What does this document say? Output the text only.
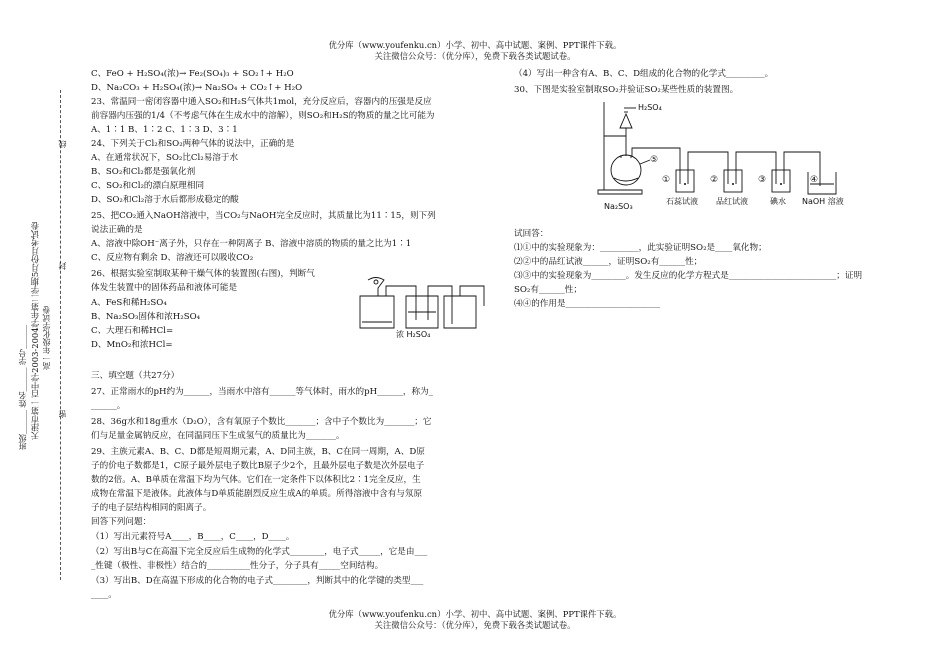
优分库（www.youfenku.cn）小学、初中、高中试题、案例、PPT课件下载。
关注微信公众号：（优分库），免费下载各类试题试卷。
优分库（www.youfenku.cn）小学、初中、高中试题、案例、PPT课件下载。
关注微信公众号：（优分库），免费下载各类试题试卷。
天津市第一百中学2003-2004学年第二学期5月份月考试卷 高一年级化学试卷
班级______ 姓名______ 学号______
线
封
密
C、FeO + H₂SO₄(浓)→ Fe₂(SO₄)₃ + SO₂↑+ H₂O
D、Na₂CO₃ + H₂SO₄(浓)→ Na₂SO₄ + CO₂↑+ H₂O
23、常温同一密闭容器中通入SO₂和H₂S气体共1mol，充分反应后，容器内的压强是反应
前容器内压强的1/4（不考虑气体在生成水中的溶解），则SO₂和H₂S的物质的量之比可能为
A、1∶1 B、1∶2 C、1∶3 D、3∶1
24、下列关于Cl₂和SO₂两种气体的说法中，正确的是
A、在通常状况下，SO₂比Cl₂易溶于水
B、SO₂和Cl₂都是强氧化剂
C、SO₂和Cl₂的漂白原理相同
D、SO₂和Cl₂溶于水后都形成稳定的酸
25、把CO₂通入NaOH溶液中，当CO₂与NaOH完全反应时，其质量比为11∶15，则下列
说法正确的是
A、溶液中除OH⁻离子外，只存在一种阴离子 B、溶液中溶质的物质的量之比为1∶1
C、反应物有剩余 D、溶液还可以吸收CO₂
26、根据实验室制取某种干燥气体的装置图(右图)，判断气
体发生装置中的固体药品和液体可能是
A、FeS和稀H₂SO₄
B、Na₂SO₃固体和浓H₂SO₄
C、大理石和稀HCl=
D、MnO₂和浓HCl=
浓 H₂SO₄
三、填空题（共27分）
27、正常雨水的pH约为______，当雨水中溶有______等气体时，雨水的pH______，称为_
______。
28、36g水和18g重水（D₂O），含有氧原子个数比_______；含中子个数比为_______；它
们与足量金属钠反应，在同温同压下生成氢气的质量比为_______。
29、主族元素A、B、C、D都是短周期元素，A、D同主族，B、C在同一周期，A、D原
子的价电子数都是1，C原子最外层电子数比B原子少2个，且最外层电子数是次外层电子
数的2倍。A、B单质在常温下均为气体。它们在一定条件下以体积比2∶1完全反应，生
成物在常温下是液体。此液体与D单质能剧烈反应生成A的单质。所得溶液中含有与氖原
子的电子层结构相同的阳离子。
回答下列问题：
（1）写出元素符号A____，B____，C____，D____。
（2）写出B与C在高温下完全反应后生成物的化学式________，电子式_____，它是由___
_性键（极性、非极性）结合的__________性分子，分子具有_____空间结构。
（3）写出B、D在高温下形成的化合物的电子式________，判断其中的化学键的类型___
____。
（4）写出一种含有A、B、C、D组成的化合物的化学式_________。
30、下图是实验室制取SO₂并验证SO₂某些性质的装置图。
H₂SO₄
⑤
①	②	③	④
Na₂SO₃
石蕊试液 品红试液	碘水 NaOH 溶液
试回答：
⑴①中的实验现象为：_________，此实验证明SO₂是____氧化物；
⑵②中的品红试液______，证明SO₂有______性；
⑶③中的实验现象为________。发生反应的化学方程式是_________________________；证明
SO₂有______性；
⑷④的作用是______________________
